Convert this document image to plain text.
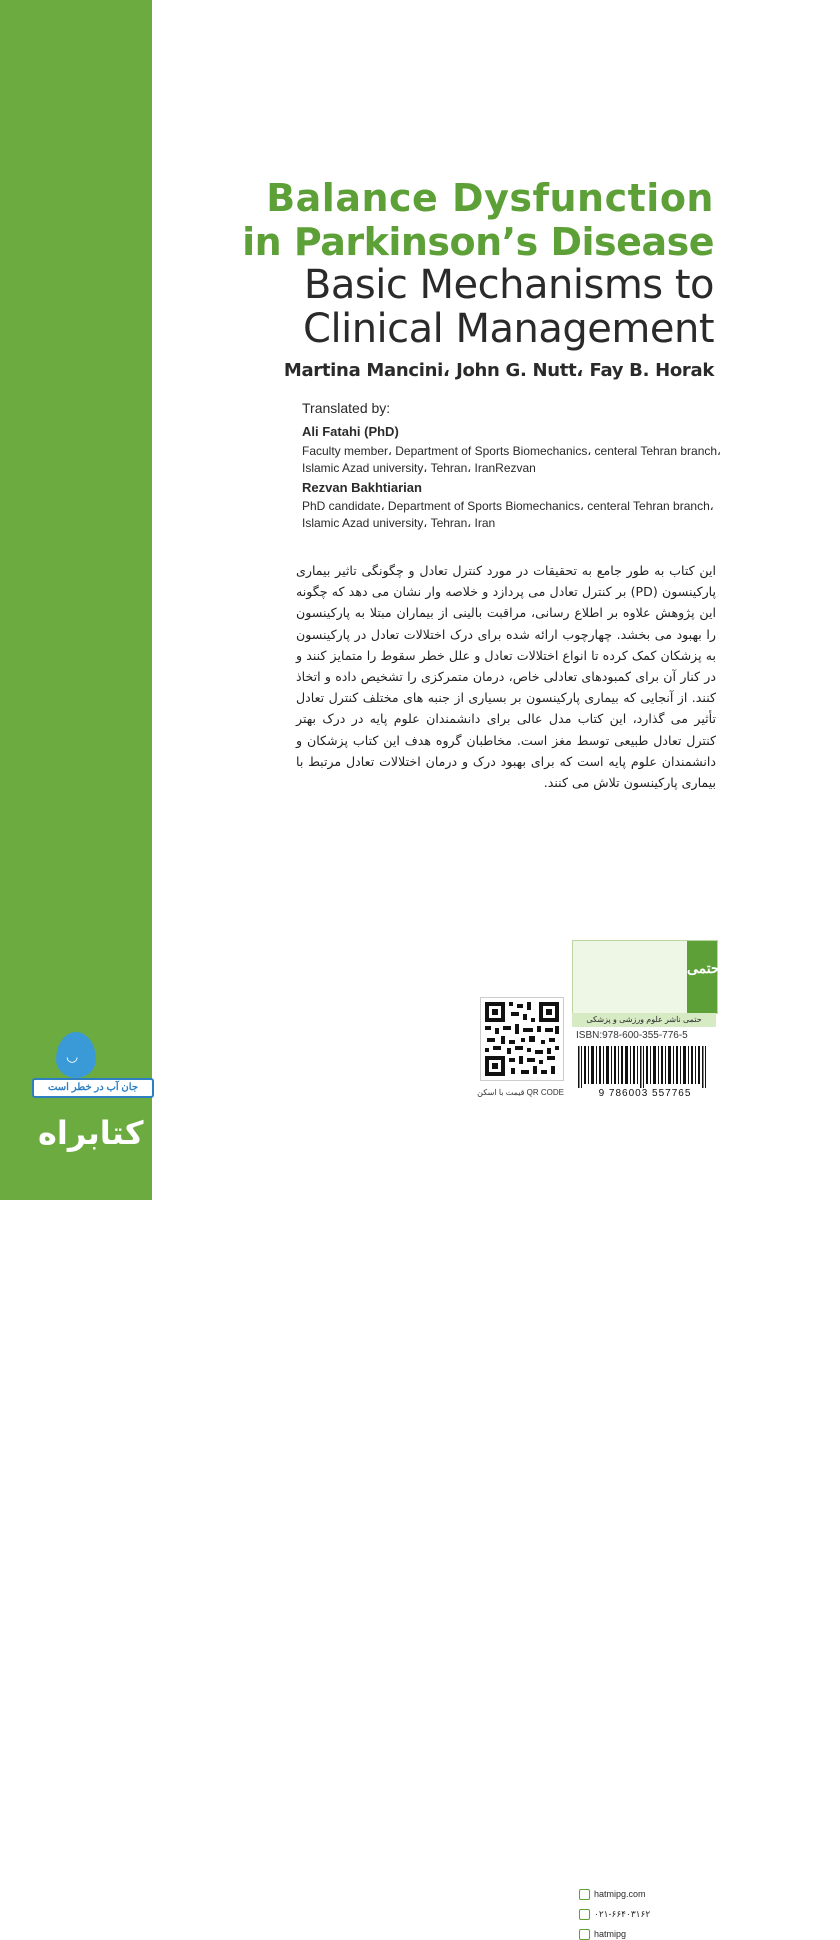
Balance Dysfunction
in Parkinson’s Disease
Basic Mechanisms to
Clinical Management
Martina Mancini، John G. Nutt، Fay B. Horak
Translated by:
Ali Fatahi (PhD)
Faculty member، Department of Sports Biomechanics، centeral Tehran branch، Islamic Azad university، Tehran، IranRezvan
Rezvan Bakhtiarian
PhD candidate، Department of Sports Biomechanics، centeral Tehran branch، Islamic Azad university، Tehran، Iran
این کتاب به طور جامع به تحقیقات در مورد کنترل تعادل و چگونگی تاثیر بیماری پارکینسون (PD) بر کنترل تعادل می پردازد و خلاصه وار نشان می دهد که چگونه این پژوهش علاوه بر اطلاع رسانی، مراقبت بالینی از بیماران مبتلا به پارکینسون را بهبود می بخشد. چهارچوب ارائه شده برای درک اختلالات تعادل در پارکینسون به پزشکان کمک کرده تا انواع اختلالات تعادل و علل خطر سقوط را متمایز کنند و در کنار آن برای کمبودهای تعادلی خاص، درمان متمرکزی را تشخیص داده و اتخاذ کنند. از آنجایی که بیماری پارکینسون بر بسیاری از جنبه های مختلف کنترل تعادل تأثیر می گذارد، این کتاب مدل عالی برای دانشمندان علوم پایه در درک بهتر کنترل تعادل طبیعی توسط مغز است. مخاطبان گروه هدف این کتاب پزشکان و دانشمندان علوم پایه است که برای بهبود درک و درمان اختلالات تعادل مرتبط با بیماری پارکینسون تلاش می کنند.
قیمت با اسکن QR CODE
hatmipg.com
۰۲۱-۶۶۴۰۳۱۶۲
hatmipg
حتمی
حتمی ناشر علوم ورزشی و پزشکی
ISBN:978-600-355-776-5
9 786003 557765
◡
جان آب در خطر است
کتابراه
